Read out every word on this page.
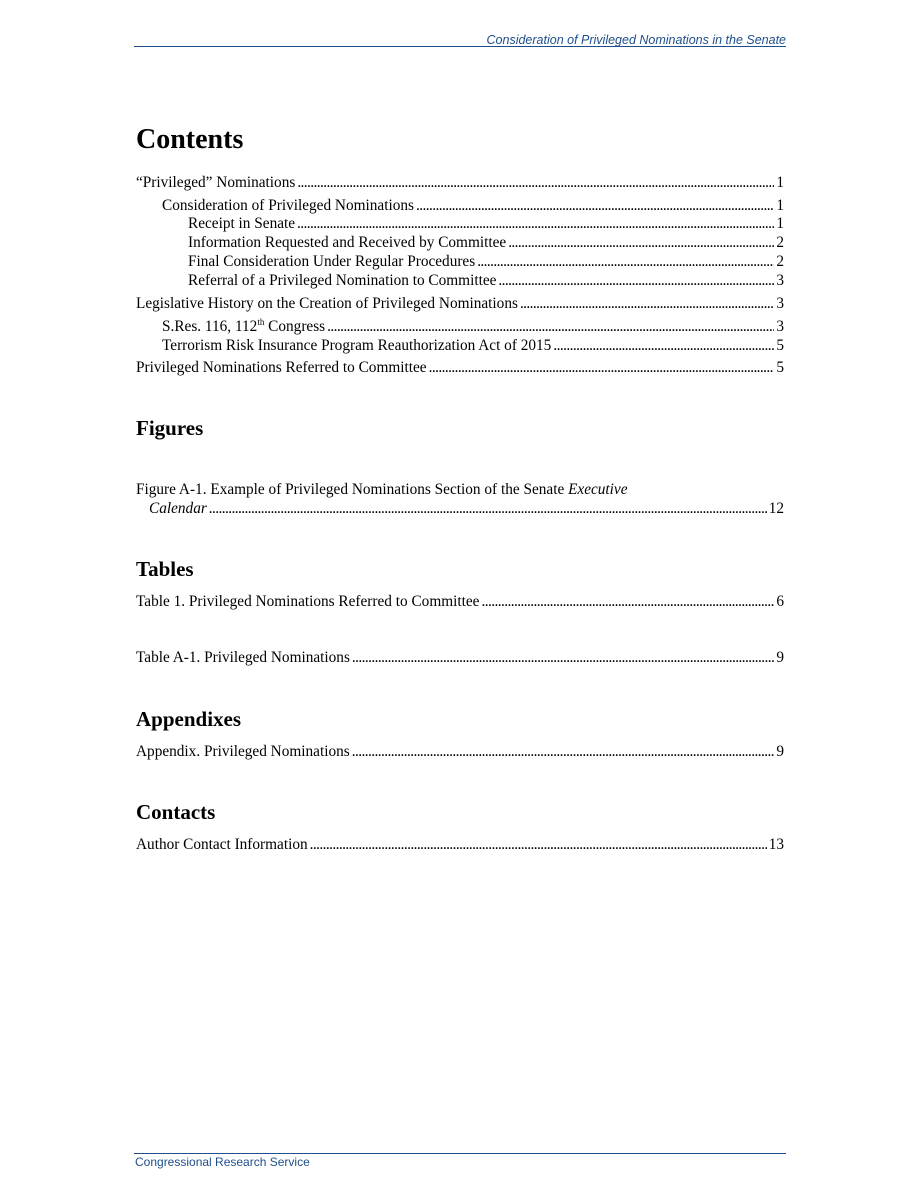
Consideration of Privileged Nominations in the Senate
Contents
“Privileged” Nominations . . .	1
Consideration of Privileged Nominations . . .	1
Receipt in Senate . . .	1
Information Requested and Received by Committee . . .	2
Final Consideration Under Regular Procedures . . .	2
Referral of a Privileged Nomination to Committee . . .	3
Legislative History on the Creation of Privileged Nominations . . .	3
S.Res. 116, 112th Congress . . .	3
Terrorism Risk Insurance Program Reauthorization Act of 2015 . . .	5
Privileged Nominations Referred to Committee . . .	5
Figures
Figure A-1. Example of Privileged Nominations Section of the Senate Executive
Calendar . . .	12
Tables
Table 1. Privileged Nominations Referred to Committee . . .	6
Table A-1. Privileged Nominations . . .	9
Appendixes
Appendix. Privileged Nominations . . .	9
Contacts
Author Contact Information . . .	13
Congressional Research Service
